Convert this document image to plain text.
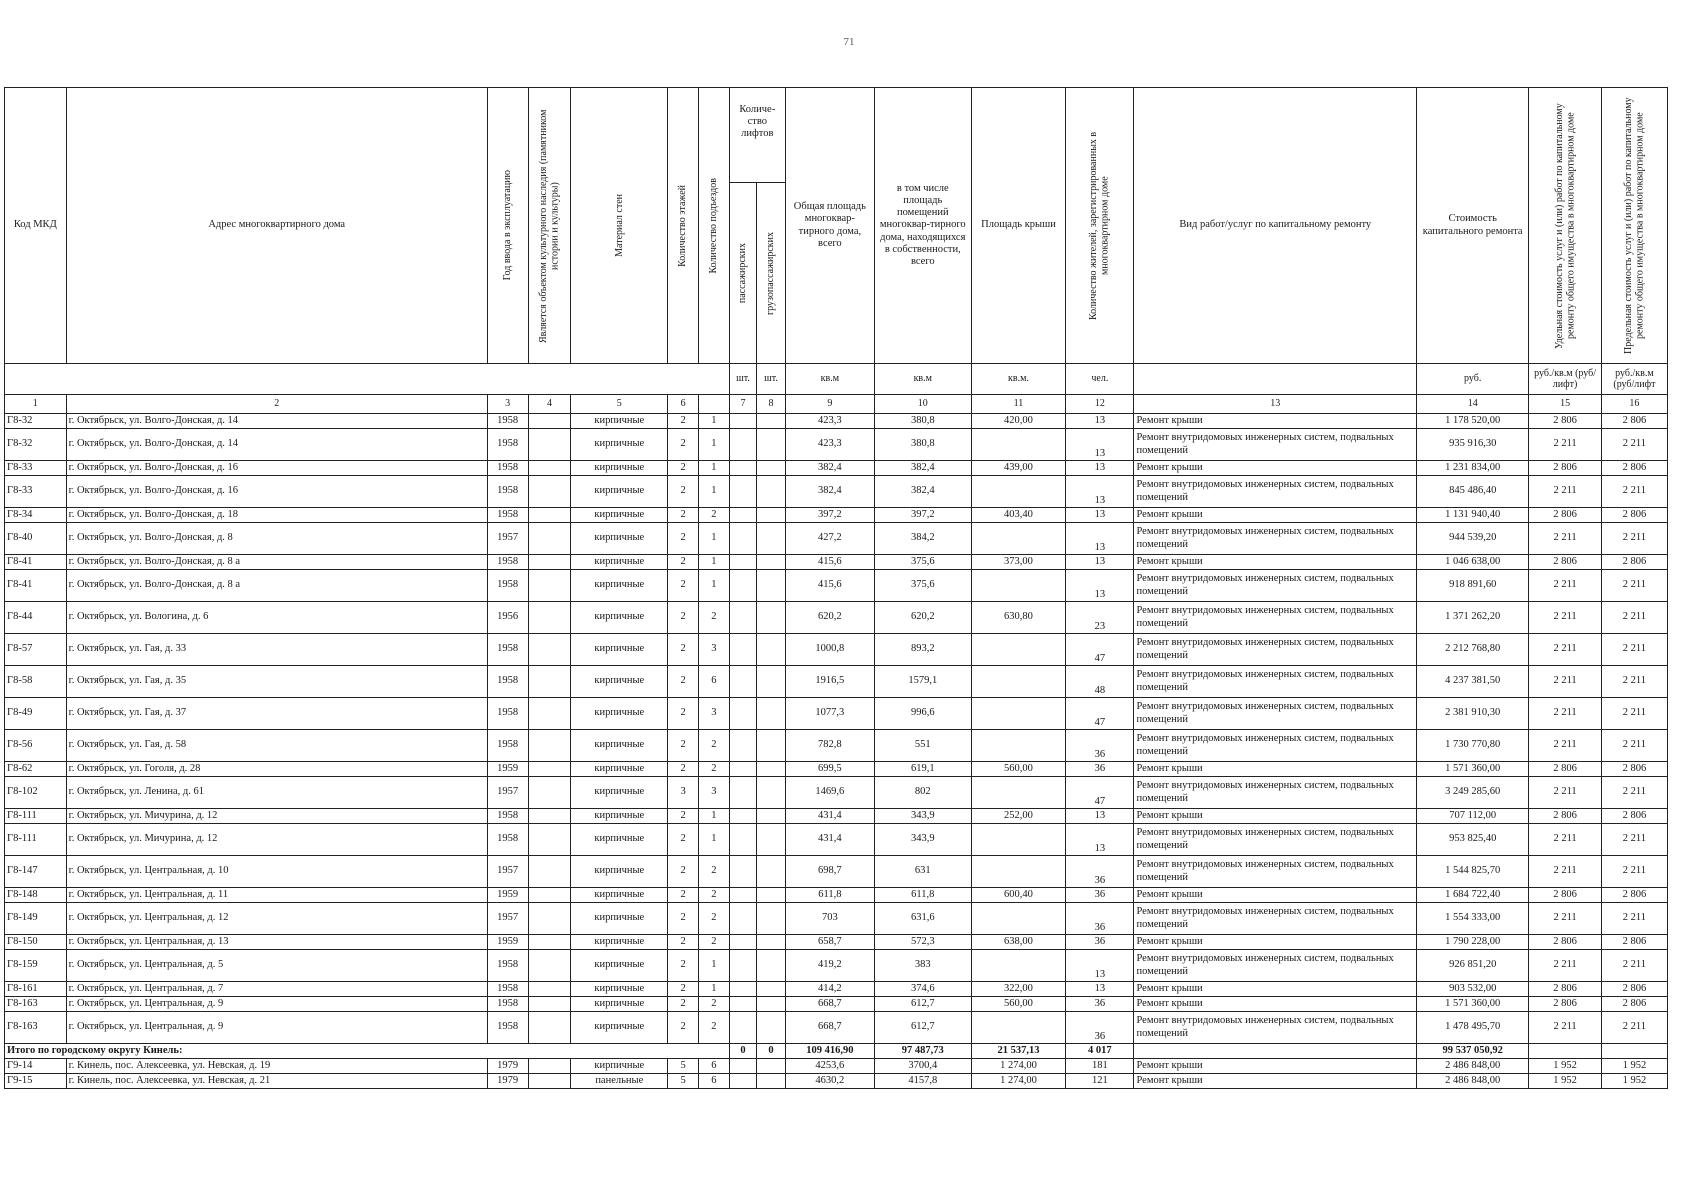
71
Код МКД	Адрес многоквартирного дома	Год ввода в эксплуатацию	Является объектом культурного наследия (памятником истории и культуры)	Материал стен	Количество этажей	Количество подъездов	Количе-ство лифтов		Общая площадь многоквар-тирного дома, всего	в том числе площадь помещений многоквар-тирного дома, находящихся в собственности, всего	Площадь крыши	Количество жителей, зарегистрированных в многоквартирном доме	Вид работ/услуг по капитальному ремонту	Стоимость капитального ремонта	Удельная стоимость услуг и (или) работ по капитальному ремонту общего имущества в многоквартирном доме	Предельная стоимость услуг и (или) работ по капитальному ремонту общего имущества в многоквартирном доме

							пассажирских	грузопассажирских								

							шт.	шт.	кв.м	кв.м	кв.м.	чел.		руб.	руб./кв.м (руб/лифт)	руб./кв.м (руб/лифт
1	2	3	4	5	6		7	8	9	10	11	12	13	14	15	16
Г8-32	г. Октябрьск, ул. Волго-Донская, д. 14	1958		кирпичные	2	1			423,3	380,8	420,00	13	Ремонт крыши	1 178 520,00	2 806	2 806
Г8-32	г. Октябрьск, ул. Волго-Донская, д. 14	1958		кирпичные	2	1			423,3	380,8		13	Ремонт внутридомовых инженерных систем, подвальных помещений	935 916,30	2 211	2 211
Г8-33	г. Октябрьск, ул. Волго-Донская, д. 16	1958		кирпичные	2	1			382,4	382,4	439,00	13	Ремонт крыши	1 231 834,00	2 806	2 806
Г8-33	г. Октябрьск, ул. Волго-Донская, д. 16	1958		кирпичные	2	1			382,4	382,4		13	Ремонт внутридомовых инженерных систем, подвальных помещений	845 486,40	2 211	2 211
Г8-34	г. Октябрьск, ул. Волго-Донская, д. 18	1958		кирпичные	2	2			397,2	397,2	403,40	13	Ремонт крыши	1 131 940,40	2 806	2 806
Г8-40	г. Октябрьск, ул. Волго-Донская, д. 8	1957		кирпичные	2	1			427,2	384,2		13	Ремонт внутридомовых инженерных систем, подвальных помещений	944 539,20	2 211	2 211
Г8-41	г. Октябрьск, ул. Волго-Донская, д. 8 а	1958		кирпичные	2	1			415,6	375,6	373,00	13	Ремонт крыши	1 046 638,00	2 806	2 806
Г8-41	г. Октябрьск, ул. Волго-Донская, д. 8 а	1958		кирпичные	2	1			415,6	375,6		13	Ремонт внутридомовых инженерных систем, подвальных помещений	918 891,60	2 211	2 211
Г8-44	г. Октябрьск, ул. Вологина, д. 6	1956		кирпичные	2	2			620,2	620,2	630,80	23	Ремонт внутридомовых инженерных систем, подвальных помещений	1 371 262,20	2 211	2 211
Г8-57	г. Октябрьск, ул. Гая, д. 33	1958		кирпичные	2	3			1000,8	893,2		47	Ремонт внутридомовых инженерных систем, подвальных помещений	2 212 768,80	2 211	2 211
Г8-58	г. Октябрьск, ул. Гая, д. 35	1958		кирпичные	2	6			1916,5	1579,1		48	Ремонт внутридомовых инженерных систем, подвальных помещений	4 237 381,50	2 211	2 211
Г8-49	г. Октябрьск, ул. Гая, д. 37	1958		кирпичные	2	3			1077,3	996,6		47	Ремонт внутридомовых инженерных систем, подвальных помещений	2 381 910,30	2 211	2 211
Г8-56	г. Октябрьск, ул. Гая, д. 58	1958		кирпичные	2	2			782,8	551		36	Ремонт внутридомовых инженерных систем, подвальных помещений	1 730 770,80	2 211	2 211
Г8-62	г. Октябрьск, ул. Гоголя, д. 28	1959		кирпичные	2	2			699,5	619,1	560,00	36	Ремонт крыши	1 571 360,00	2 806	2 806
Г8-102	г. Октябрьск, ул. Ленина, д. 61	1957		кирпичные	3	3			1469,6	802		47	Ремонт внутридомовых инженерных систем, подвальных помещений	3 249 285,60	2 211	2 211
Г8-111	г. Октябрьск, ул. Мичурина, д. 12	1958		кирпичные	2	1			431,4	343,9	252,00	13	Ремонт крыши	707 112,00	2 806	2 806
Г8-111	г. Октябрьск, ул. Мичурина, д. 12	1958		кирпичные	2	1			431,4	343,9		13	Ремонт внутридомовых инженерных систем, подвальных помещений	953 825,40	2 211	2 211
Г8-147	г. Октябрьск, ул. Центральная, д. 10	1957		кирпичные	2	2			698,7	631		36	Ремонт внутридомовых инженерных систем, подвальных помещений	1 544 825,70	2 211	2 211
Г8-148	г. Октябрьск, ул. Центральная, д. 11	1959		кирпичные	2	2			611,8	611,8	600,40	36	Ремонт крыши	1 684 722,40	2 806	2 806
Г8-149	г. Октябрьск, ул. Центральная, д. 12	1957		кирпичные	2	2			703	631,6		36	Ремонт внутридомовых инженерных систем, подвальных помещений	1 554 333,00	2 211	2 211
Г8-150	г. Октябрьск, ул. Центральная, д. 13	1959		кирпичные	2	2			658,7	572,3	638,00	36	Ремонт крыши	1 790 228,00	2 806	2 806
Г8-159	г. Октябрьск, ул. Центральная, д. 5	1958		кирпичные	2	1			419,2	383		13	Ремонт внутридомовых инженерных систем, подвальных помещений	926 851,20	2 211	2 211
Г8-161	г. Октябрьск, ул. Центральная, д. 7	1958		кирпичные	2	1			414,2	374,6	322,00	13	Ремонт крыши	903 532,00	2 806	2 806
Г8-163	г. Октябрьск, ул. Центральная, д. 9	1958		кирпичные	2	2			668,7	612,7	560,00	36	Ремонт крыши	1 571 360,00	2 806	2 806
Г8-163	г. Октябрьск, ул. Центральная, д. 9	1958		кирпичные	2	2			668,7	612,7		36	Ремонт внутридомовых инженерных систем, подвальных помещений	1 478 495,70	2 211	2 211
Итого по городскому округу Кинель:							0	0	109 416,90	97 487,73	21 537,13	4 017		99 537 050,92		
Г9-14	г. Кинель, пос. Алексеевка, ул. Невская, д. 19	1979		кирпичные	5	6			4253,6	3700,4	1 274,00	181	Ремонт крыши	2 486 848,00	1 952	1 952
Г9-15	г. Кинель, пос. Алексеевка, ул. Невская, д. 21	1979		панельные	5	6			4630,2	4157,8	1 274,00	121	Ремонт крыши	2 486 848,00	1 952	1 952
